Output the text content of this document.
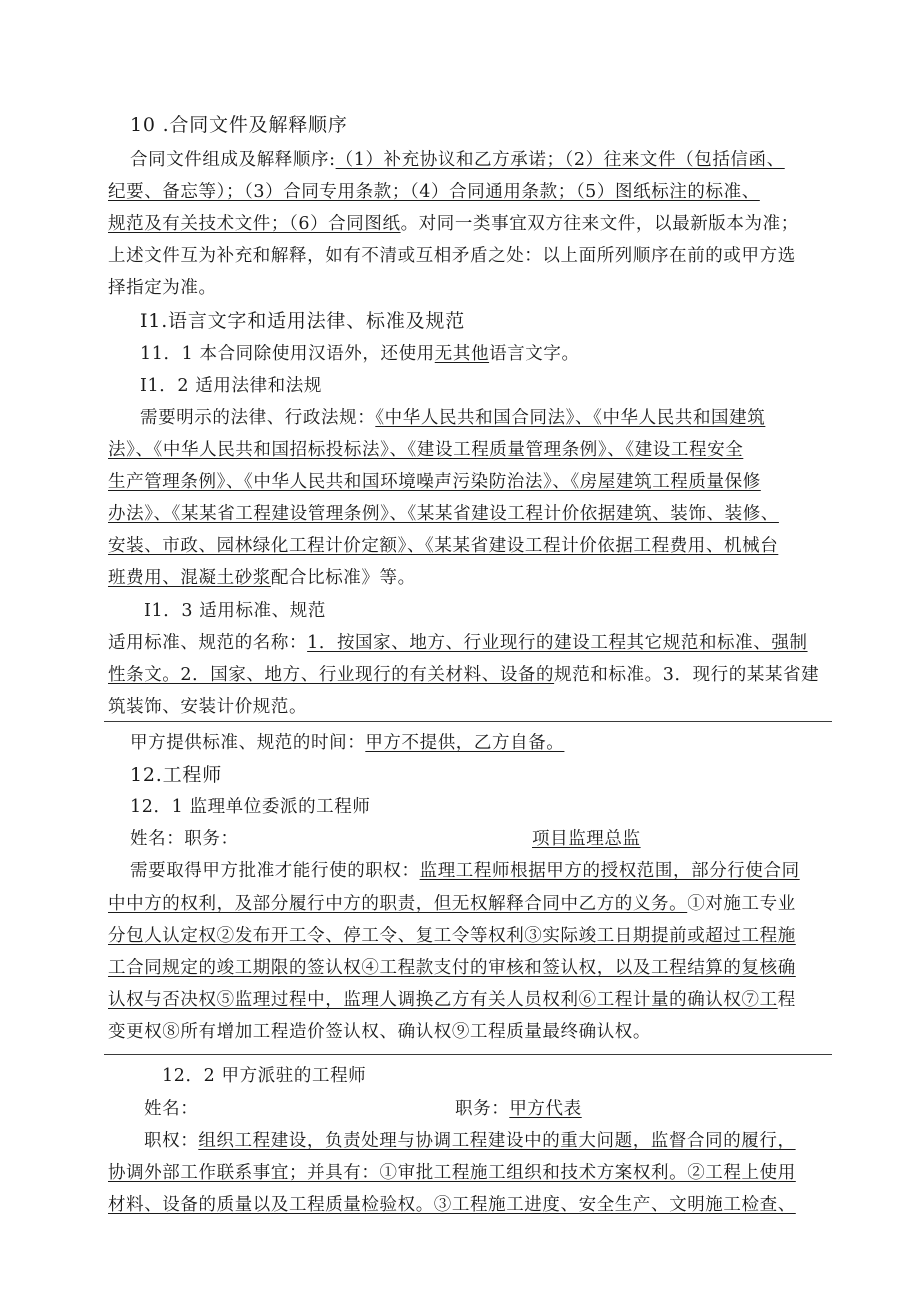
10 .合同文件及解释顺序
合同文件组成及解释顺序:（1）补充协议和乙方承诺；（2）往来文件（包括信函、
纪要、备忘等）；（3）合同专用条款；（4）合同通用条款；（5）图纸标注的标准、
规范及有关技术文件；（6）合同图纸。对同一类事宜双方往来文件，以最新版本为准；
上述文件互为补充和解释，如有不清或互相矛盾之处：以上面所列顺序在前的或甲方选
择指定为准。
I1.语言文字和适用法律、标准及规范
11．1 本合同除使用汉语外，还使用无其他语言文字。
I1．2 适用法律和法规
需要明示的法律、行政法规：《中华人民共和国合同法》、《中华人民共和国建筑
法》、《中华人民共和国招标投标法》、《建设工程质量管理条例》、《建设工程安全
生产管理条例》、《中华人民共和国环境噪声污染防治法》、《房屋建筑工程质量保修
办法》、《某某省工程建设管理条例》、《某某省建设工程计价依据建筑、装饰、装修、
安装、市政、园林绿化工程计价定额》、《某某省建设工程计价依据工程费用、机械台
班费用、混凝土砂浆配合比标准》等。
I1．3 适用标准、规范
适用标准、规范的名称：1．按国家、地方、行业现行的建设工程其它规范和标准、强制
性条文。2．国家、地方、行业现行的有关材料、设备的规范和标准。3．现行的某某省建
筑装饰、安装计价规范。
甲方提供标准、规范的时间：甲方不提供，乙方自备。
12.工程师
12．1 监理单位委派的工程师
姓名：职务：	项目监理总监
需要取得甲方批准才能行使的职权：监理工程师根据甲方的授权范围，部分行使合同
中中方的权利，及部分履行中方的职责，但无权解释合同中乙方的义务。①对施工专业
分包人认定权②发布开工令、停工令、复工令等权利③实际竣工日期提前或超过工程施
工合同规定的竣工期限的签认权④工程款支付的审核和签认权，以及工程结算的复核确
认权与否决权⑤监理过程中，监理人调换乙方有关人员权利⑥工程计量的确认权⑦工程
变更权⑧所有增加工程造价签认权、确认权⑨工程质量最终确认权。
12．2 甲方派驻的工程师
姓名：	职务：甲方代表
职权：组织工程建设，负责处理与协调工程建设中的重大问题，监督合同的履行，
协调外部工作联系事宜；并具有：①审批工程施工组织和技术方案权利。②工程上使用
材料、设备的质量以及工程质量检验权。③工程施工进度、安全生产、文明施工检查、
